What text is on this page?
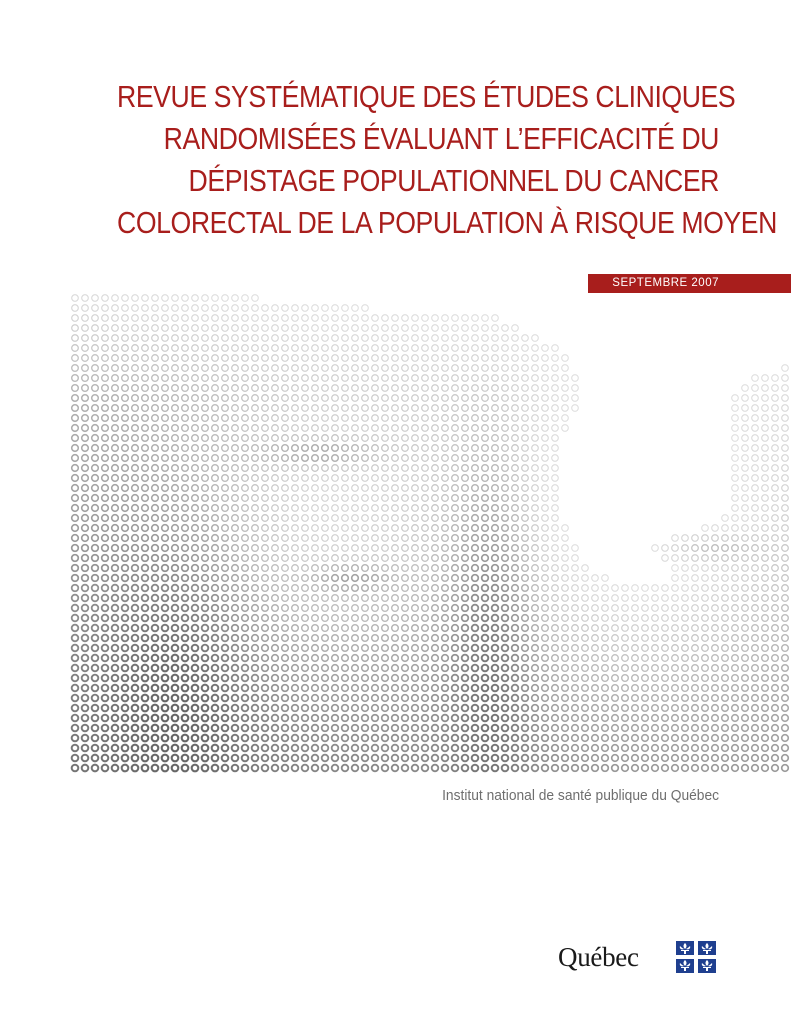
REVUE SYSTÉMATIQUE DES ÉTUDES CLINIQUES
RANDOMISÉES ÉVALUANT L’EFFICACITÉ DU
DÉPISTAGE POPULATIONNEL DU CANCER
COLORECTAL DE LA POPULATION À RISQUE MOYEN
SEPTEMBRE 2007
Institut national de santé publique du Québec
Québec
